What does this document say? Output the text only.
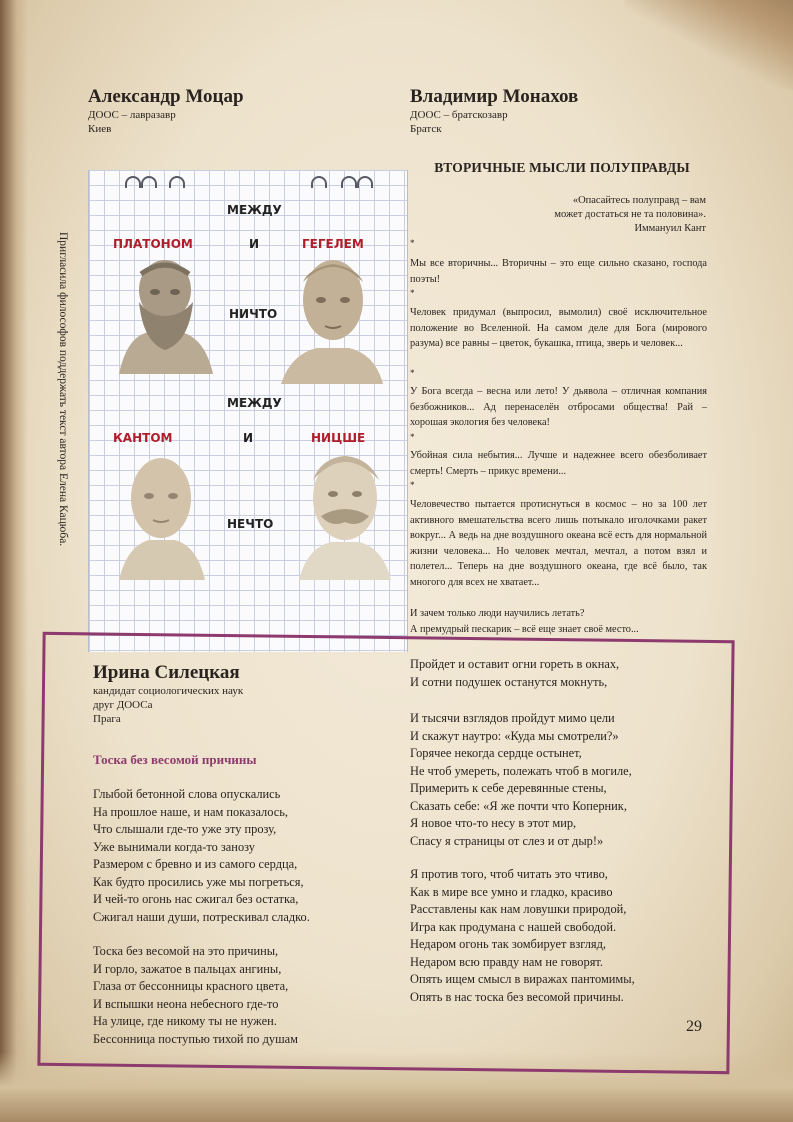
Александр Моцар

ДООС – лавразавр

Киев

Владимир Монахов

ДООС – братскозавр

Братск

Пригласила философов поддержать текст автора Елена Кацюба.
МЕЖДУ
ПЛАТОНОМ	И	ГЕГЕЛЕМ
НИЧТО
МЕЖДУ
КАНТОМ	И	НИЦШЕ
НЕЧТО
ВТОРИЧНЫЕ МЫСЛИ ПОЛУПРАВДЫ
«Опасайтесь полуправд – вам
может достаться не та половина».
Иммануил Кант
*
Мы все вторичны... Вторичны – это еще сильно сказано, господа поэты!
*
Человек придумал (выпросил, вымолил) своё исключительное положение во Вселенной. На самом деле для Бога (мирового разума) все равны – цветок, букашка, птица, зверь и человек...
*
У Бога всегда – весна или лето! У дьявола – отличная компания безбожников... Ад перенаселён отбросами общества! Рай – хорошая экология без человека!
*
Убойная сила небытия... Лучше и надежнее всего обезболивает смерть! Смерть – прикус времени...
*
Человечество пытается протиснуться в космос – но за 100 лет активного вмешательства всего лишь потыкало иголочками ракет вокруг... А ведь на дне воздушного океана всё есть для нормальной жизни человека... Но человек мечтал, мечтал, а потом взял и полетел... Теперь на дне воздушного океана, где всё было, так многого для всех не хватает...
И зачем только люди научились летать?
А премудрый пескарик – всё еще знает своё место...
Ирина Силецкая

кандидат социологических наук

друг ДООСа

Прага

Тоска без весомой причины
Глыбой бетонной слова опускались
На прошлое наше, и нам показалось,
Что слышали где-то уже эту прозу,
Уже вынимали когда-то занозу
Размером с бревно и из самого сердца,
Как будто просились уже мы погреться,
И чей-то огонь нас сжигал без остатка,
Сжигал наши души, потрескивал сладко.
Тоска без весомой на это причины,
И горло, зажатое в пальцах ангины,
Глаза от бессонницы красного цвета,
И вспышки неона небесного где-то
На улице, где никому ты не нужен.
Бессонница поступью тихой по душам
Пройдет и оставит огни гореть в окнах,
И сотни подушек останутся мокнуть,
И тысячи взглядов пройдут мимо цели
И скажут наутро: «Куда мы смотрели?»
Горячее некогда сердце остынет,
Не чтоб умереть, полежать чтоб в могиле,
Примерить к себе деревянные стены,
Сказать себе: «Я же почти что Коперник,
Я новое что-то несу в этот мир,
Спасу я страницы от слез и от дыр!»
Я против того, чтоб читать это чтиво,
Как в мире все умно и гладко, красиво
Расставлены как нам ловушки природой,
Игра как продумана с нашей свободой.
Недаром огонь так зомбирует взгляд,
Недаром всю правду нам не говорят.
Опять ищем смысл в виражах пантомимы,
Опять в нас тоска без весомой причины.
29
